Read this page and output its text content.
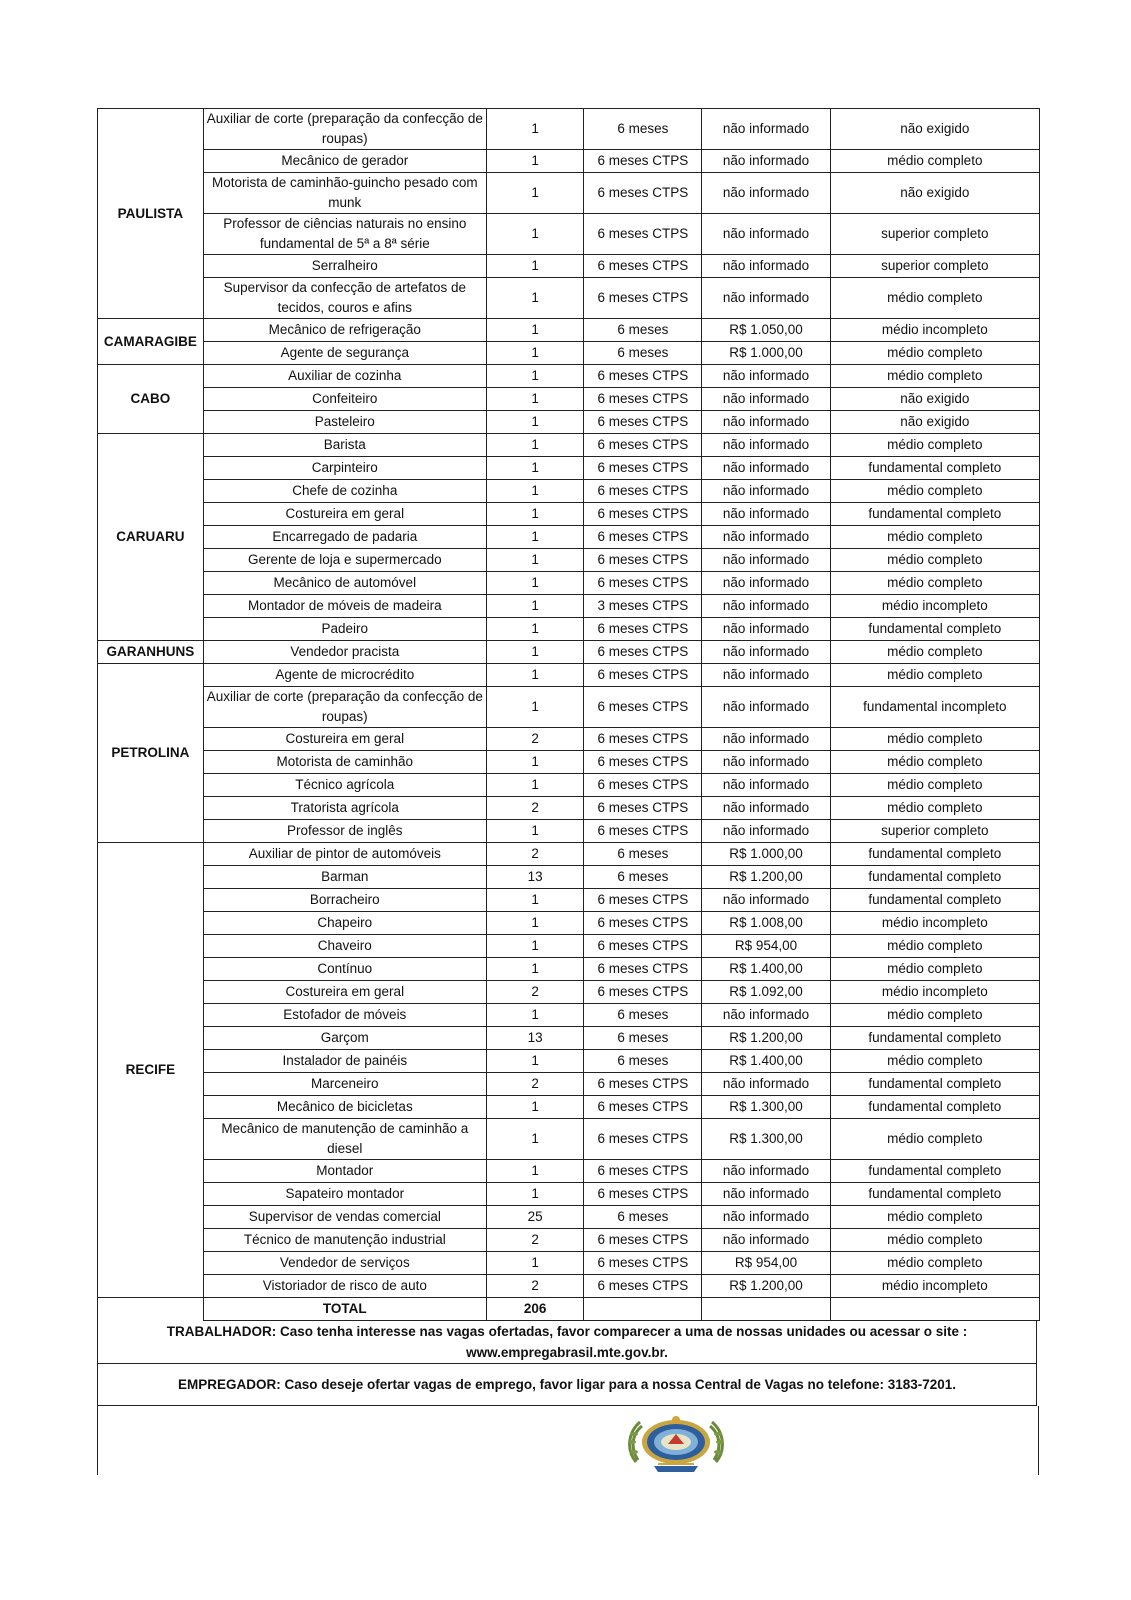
PAULISTA	Auxiliar de corte (preparação da confecção de roupas)	1	6 meses	não informado	não exigido
	Mecânico de gerador	1	6 meses CTPS	não informado	médio completo
	Motorista de caminhão-guincho pesado com munk	1	6 meses CTPS	não informado	não exigido
	Professor de ciências naturais no ensino fundamental de 5ª a 8ª série	1	6 meses CTPS	não informado	superior completo
	Serralheiro	1	6 meses CTPS	não informado	superior completo
	Supervisor da confecção de artefatos de tecidos, couros e afins	1	6 meses CTPS	não informado	médio completo
CAMARAGIBE	Mecânico de refrigeração	1	6 meses	R$ 1.050,00	médio incompleto
	Agente de segurança	1	6 meses	R$ 1.000,00	médio completo
CABO	Auxiliar de cozinha	1	6 meses CTPS	não informado	médio completo
	Confeiteiro	1	6 meses CTPS	não informado	não exigido
	Pasteleiro	1	6 meses CTPS	não informado	não exigido
CARUARU	Barista	1	6 meses CTPS	não informado	médio completo
	Carpinteiro	1	6 meses CTPS	não informado	fundamental completo
	Chefe de cozinha	1	6 meses CTPS	não informado	médio completo
	Costureira em geral	1	6 meses CTPS	não informado	fundamental completo
	Encarregado de padaria	1	6 meses CTPS	não informado	médio completo
	Gerente de loja e supermercado	1	6 meses CTPS	não informado	médio completo
	Mecânico de automóvel	1	6 meses CTPS	não informado	médio completo
	Montador de móveis de madeira	1	3 meses CTPS	não informado	médio incompleto
	Padeiro	1	6 meses CTPS	não informado	fundamental completo
GARANHUNS	Vendedor pracista	1	6 meses CTPS	não informado	médio completo
PETROLINA	Agente de microcrédito	1	6 meses CTPS	não informado	médio completo
	Auxiliar de corte (preparação da confecção de roupas)	1	6 meses CTPS	não informado	fundamental incompleto
	Costureira em geral	2	6 meses CTPS	não informado	médio completo
	Motorista de caminhão	1	6 meses CTPS	não informado	médio completo
	Técnico agrícola	1	6 meses CTPS	não informado	médio completo
	Tratorista agrícola	2	6 meses CTPS	não informado	médio completo
	Professor de inglês	1	6 meses CTPS	não informado	superior completo
RECIFE	Auxiliar de pintor de automóveis	2	6 meses	R$ 1.000,00	fundamental completo
	Barman	13	6 meses	R$ 1.200,00	fundamental completo
	Borracheiro	1	6 meses CTPS	não informado	fundamental completo
	Chapeiro	1	6 meses CTPS	R$ 1.008,00	médio incompleto
	Chaveiro	1	6 meses CTPS	R$ 954,00	médio completo
	Contínuo	1	6 meses CTPS	R$ 1.400,00	médio completo
	Costureira em geral	2	6 meses CTPS	R$ 1.092,00	médio incompleto
	Estofador de móveis	1	6 meses	não informado	médio completo
	Garçom	13	6 meses	R$ 1.200,00	fundamental completo
	Instalador de painéis	1	6 meses	R$ 1.400,00	médio completo
	Marceneiro	2	6 meses CTPS	não informado	fundamental completo
	Mecânico de bicicletas	1	6 meses CTPS	R$ 1.300,00	fundamental completo
	Mecânico de manutenção de caminhão a diesel	1	6 meses CTPS	R$ 1.300,00	médio completo
	Montador	1	6 meses CTPS	não informado	fundamental completo
	Sapateiro montador	1	6 meses CTPS	não informado	fundamental completo
	Supervisor de vendas comercial	25	6 meses	não informado	médio completo
	Técnico de manutenção industrial	2	6 meses CTPS	não informado	médio completo
	Vendedor de serviços	1	6 meses CTPS	R$ 954,00	médio completo
	Vistoriador de risco de auto	2	6 meses CTPS	R$ 1.200,00	médio incompleto
	TOTAL	206			
TRABALHADOR: Caso tenha interesse nas vagas ofertadas, favor comparecer a uma de nossas unidades ou acessar o site :
www.empregabrasil.mte.gov.br.
EMPREGADOR: Caso deseje ofertar vagas de emprego, favor ligar para a nossa Central de Vagas no telefone: 3183-7201.
